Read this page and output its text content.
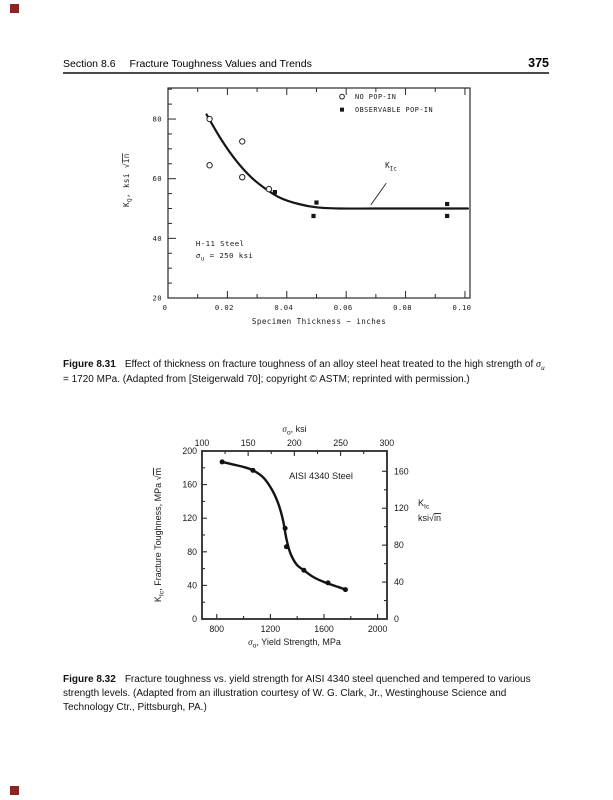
Section 8.6 Fracture Toughness Values and Trends	375
0	0.02	0.04	0.06	0.08	0.10
20
40
60
80
Specimen Thickness ~ inches
$K_Q$, ksi √in
NO POP-IN
OBSERVABLE POP-IN
$K_{Ic}$
H-11 Steel
$\sigma_u = 250$ ksi

Figure 8.31 Effect of thickness on fracture toughness of an alloy steel heat treated to the high strength of $\sigma_u = 1720$ MPa. (Adapted from [Steigerwald 70]; copyright © ASTM; reprinted with permission.)

800	1200	1600	2000
100	150	200	250	300
0
40
80
120
160
200
0
40
80
120
160
AISI 4340 Steel
$\sigma_o$, ksi
$\sigma_o$, Yield Strength, MPa
$K_{Ic}$, Fracture Toughness, MPa √m
$K_{Ic}$
ksi√in

Figure 8.32 Fracture toughness vs. yield strength for AISI 4340 steel quenched and tempered to various strength levels. (Adapted from an illustration courtesy of W. G. Clark, Jr., Westinghouse Science and Technology Ctr., Pittsburgh, PA.)
